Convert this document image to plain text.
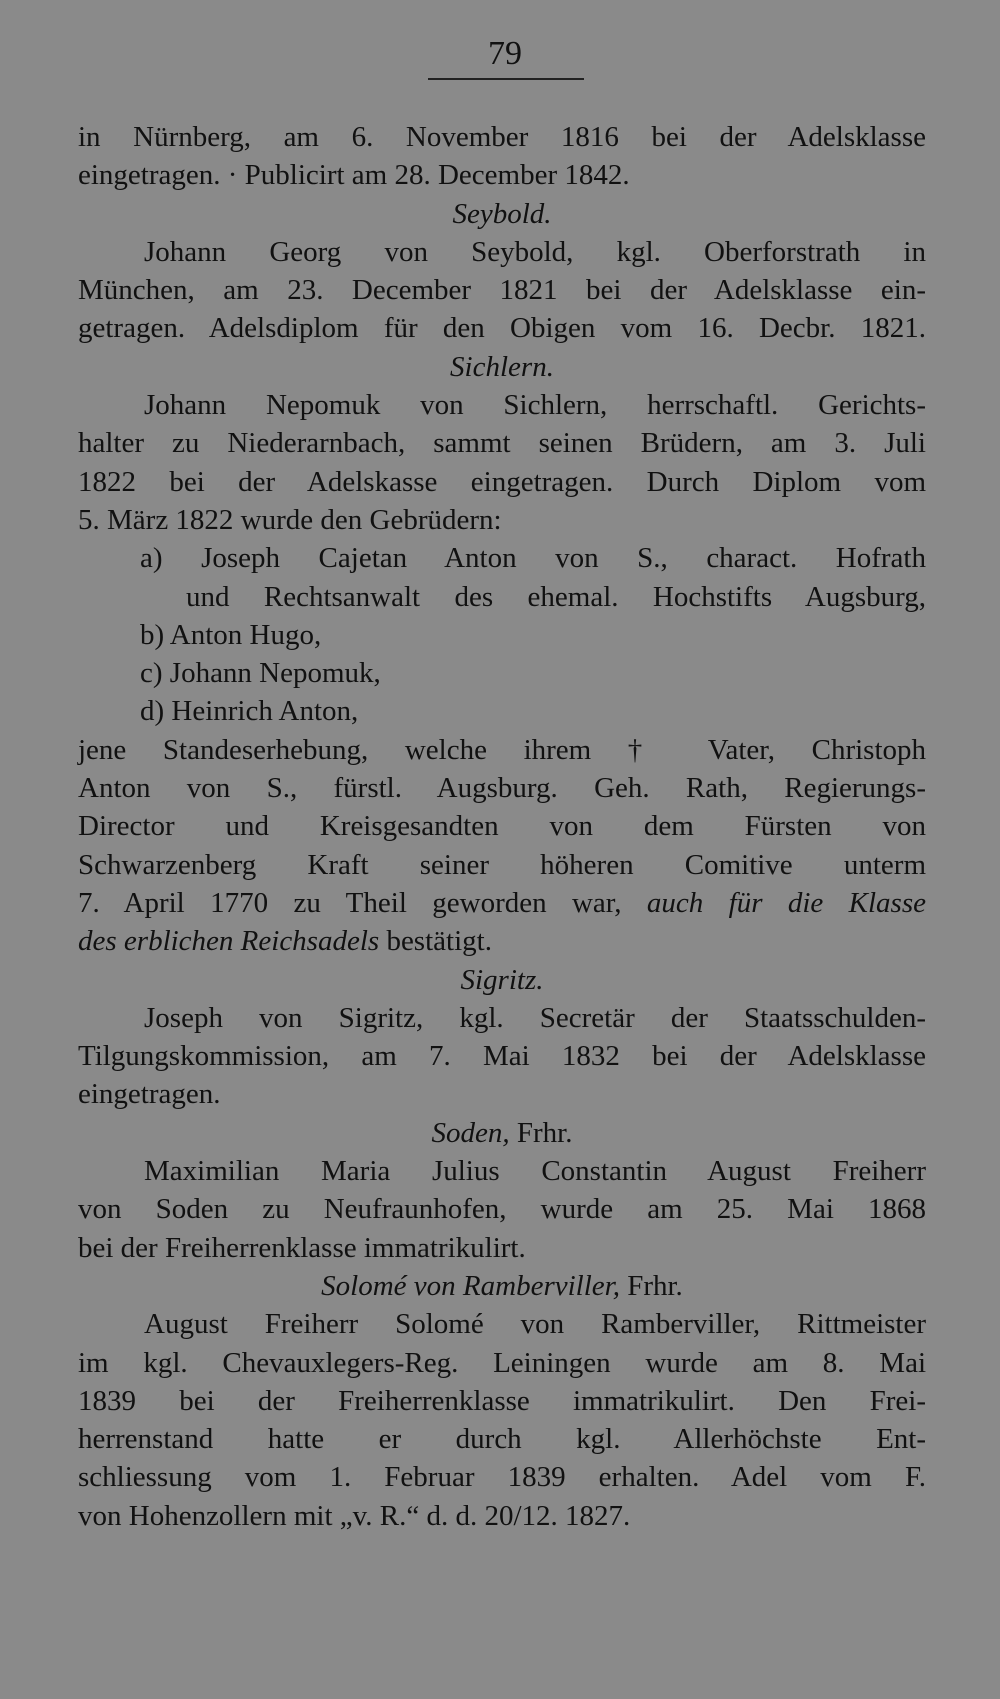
79
in Nürnberg, am 6. November 1816 bei der Adelsklasse
eingetragen. · Publicirt am 28. December 1842.
Seybold.
Johann Georg von Seybold, kgl. Oberforstrath in
München, am 23. December 1821 bei der Adelsklasse ein-
getragen. Adelsdiplom für den Obigen vom 16. Decbr. 1821.
Sichlern.
Johann Nepomuk von Sichlern, herrschaftl. Gerichts-
halter zu Niederarnbach, sammt seinen Brüdern, am 3. Juli
1822 bei der Adelskasse eingetragen. Durch Diplom vom
5. März 1822 wurde den Gebrüdern:
a) Joseph Cajetan Anton von S., charact. Hofrath
und Rechtsanwalt des ehemal. Hochstifts Augsburg,
b) Anton Hugo,
c) Johann Nepomuk,
d) Heinrich Anton,
jene Standeserhebung, welche ihrem † Vater, Christoph
Anton von S., fürstl. Augsburg. Geh. Rath, Regierungs-
Director und Kreisgesandten von dem Fürsten von
Schwarzenberg Kraft seiner höheren Comitive unterm
7. April 1770 zu Theil geworden war, auch für die Klasse
des erblichen Reichsadels bestätigt.
Sigritz.
Joseph von Sigritz, kgl. Secretär der Staatsschulden-
Tilgungskommission, am 7. Mai 1832 bei der Adelsklasse
eingetragen.
Soden, Frhr.
Maximilian Maria Julius Constantin August Freiherr
von Soden zu Neufraunhofen, wurde am 25. Mai 1868
bei der Freiherrenklasse immatrikulirt.
Solomé von Ramberviller, Frhr.
August Freiherr Solomé von Ramberviller, Rittmeister
im kgl. Chevauxlegers-Reg. Leiningen wurde am 8. Mai
1839 bei der Freiherrenklasse immatrikulirt. Den Frei-
herrenstand hatte er durch kgl. Allerhöchste Ent-
schliessung vom 1. Februar 1839 erhalten. Adel vom F.
von Hohenzollern mit „v. R.“ d. d. 20/12. 1827.
